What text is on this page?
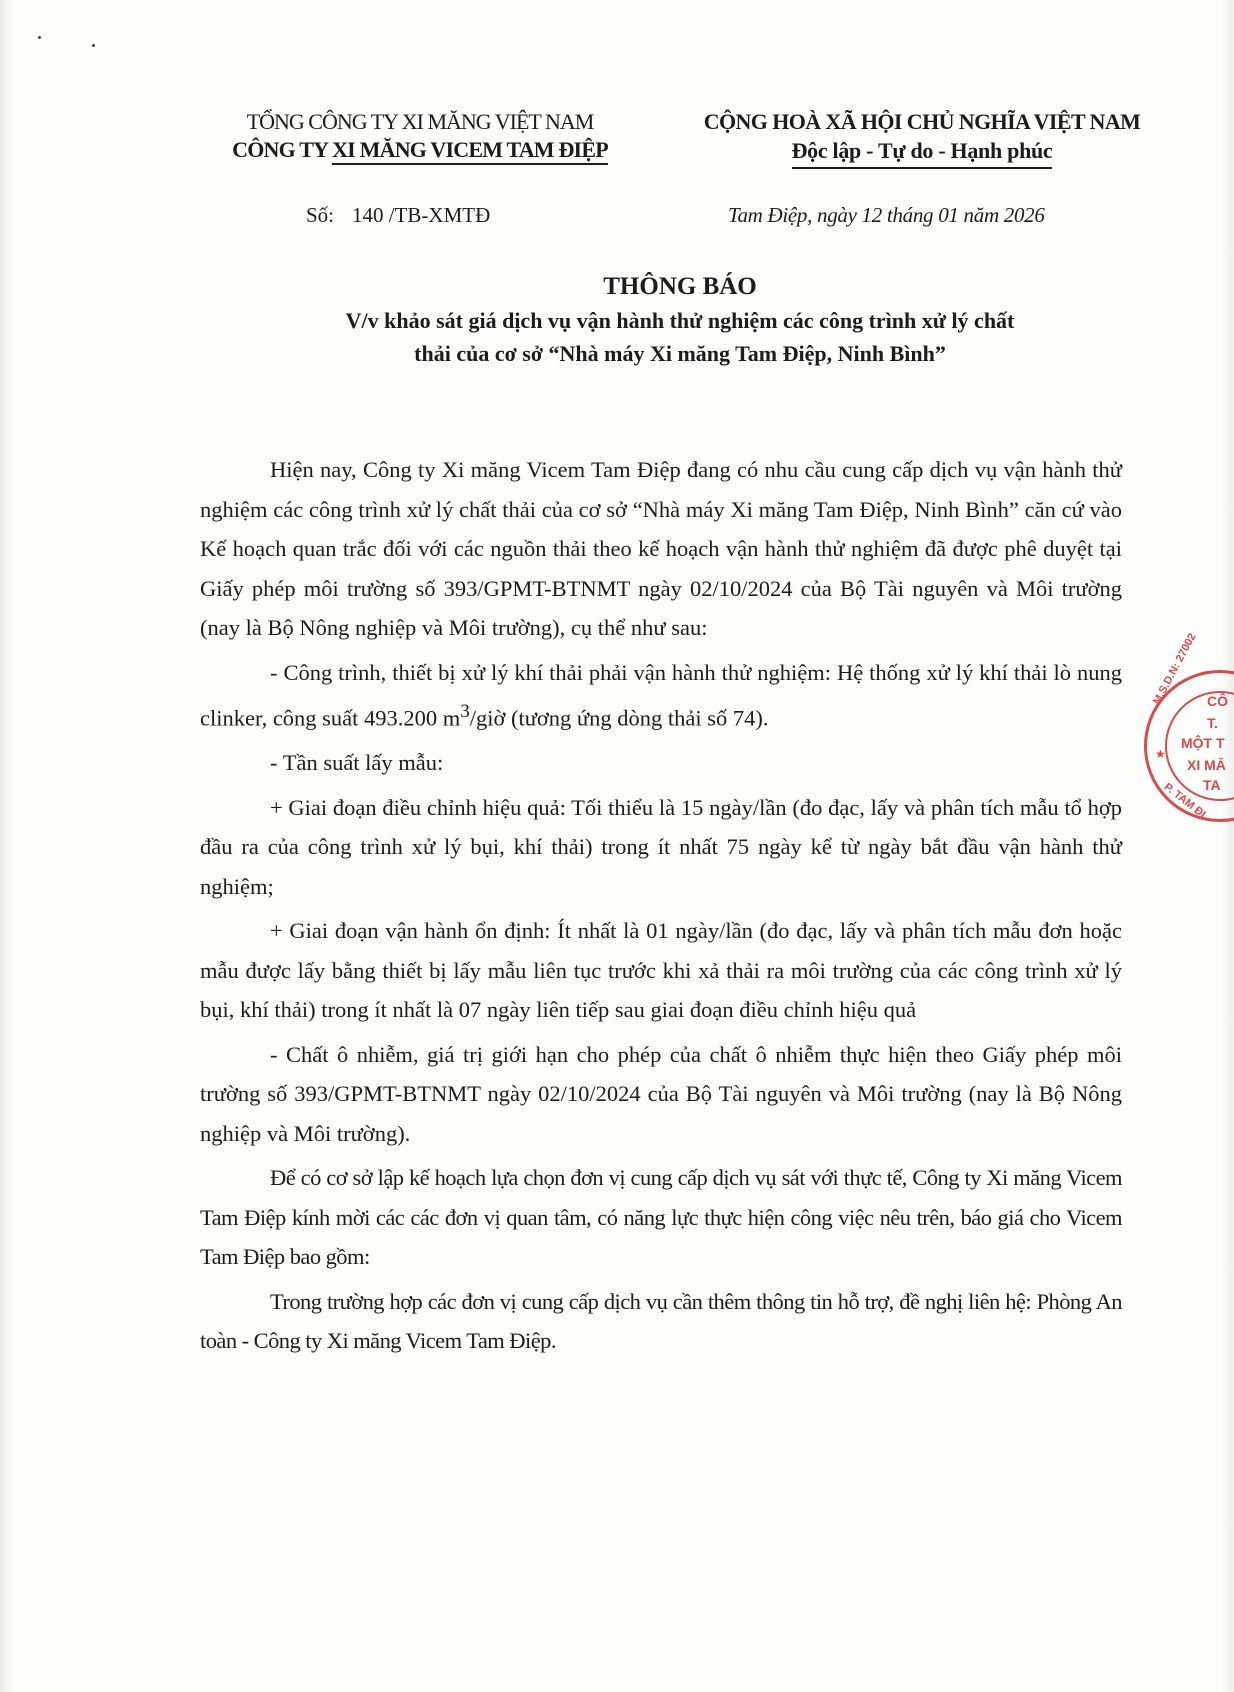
TỔNG CÔNG TY XI MĂNG VIỆT NAM
CÔNG TY XI MĂNG VICEM TAM ĐIỆP
CỘNG HOÀ XÃ HỘI CHỦ NGHĨA VIỆT NAM
Độc lập - Tự do - Hạnh phúc
Số: 140 /TB-XMTĐ	Tam Điệp, ngày 12 tháng 01 năm 2026
THÔNG BÁO
V/v khảo sát giá dịch vụ vận hành thử nghiệm các công trình xử lý chất
thải của cơ sở “Nhà máy Xi măng Tam Điệp, Ninh Bình”

Hiện nay, Công ty Xi măng Vicem Tam Điệp đang có nhu cầu cung cấp dịch vụ vận hành thử nghiệm các công trình xử lý chất thải của cơ sở “Nhà máy Xi măng Tam Điệp, Ninh Bình” căn cứ vào Kế hoạch quan trắc đối với các nguồn thải theo kế hoạch vận hành thử nghiệm đã được phê duyệt tại Giấy phép môi trường số 393/GPMT-BTNMT ngày 02/10/2024 của Bộ Tài nguyên và Môi trường (nay là Bộ Nông nghiệp và Môi trường), cụ thể như sau:

- Công trình, thiết bị xử lý khí thải phải vận hành thử nghiệm: Hệ thống xử lý khí thải lò nung clinker, công suất 493.200 $m^3$/giờ (tương ứng dòng thải số 74).

- Tần suất lấy mẫu:

+ Giai đoạn điều chỉnh hiệu quả: Tối thiểu là 15 ngày/lần (đo đạc, lấy và phân tích mẫu tổ hợp đầu ra của công trình xử lý bụi, khí thải) trong ít nhất 75 ngày kể từ ngày bắt đầu vận hành thử nghiệm;

+ Giai đoạn vận hành ổn định: Ít nhất là 01 ngày/lần (đo đạc, lấy và phân tích mẫu đơn hoặc mẫu được lấy bằng thiết bị lấy mẫu liên tục trước khi xả thải ra môi trường của các công trình xử lý bụi, khí thải) trong ít nhất là 07 ngày liên tiếp sau giai đoạn điều chỉnh hiệu quả

- Chất ô nhiễm, giá trị giới hạn cho phép của chất ô nhiễm thực hiện theo Giấy phép môi trường số 393/GPMT-BTNMT ngày 02/10/2024 của Bộ Tài nguyên và Môi trường (nay là Bộ Nông nghiệp và Môi trường).

Để có cơ sở lập kế hoạch lựa chọn đơn vị cung cấp dịch vụ sát với thực tế, Công ty Xi măng Vicem Tam Điệp kính mời các các đơn vị quan tâm, có năng lực thực hiện công việc nêu trên, báo giá cho Vicem Tam Điệp bao gồm:

Trong trường hợp các đơn vị cung cấp dịch vụ cần thêm thông tin hỗ trợ, đề nghị liên hệ: Phòng An toàn - Công ty Xi măng Vicem Tam Điệp.

M.S.D.N: 27002 CÔ
T.
MỘT T
XI MĂ
TA
★
P. TAM ĐI
